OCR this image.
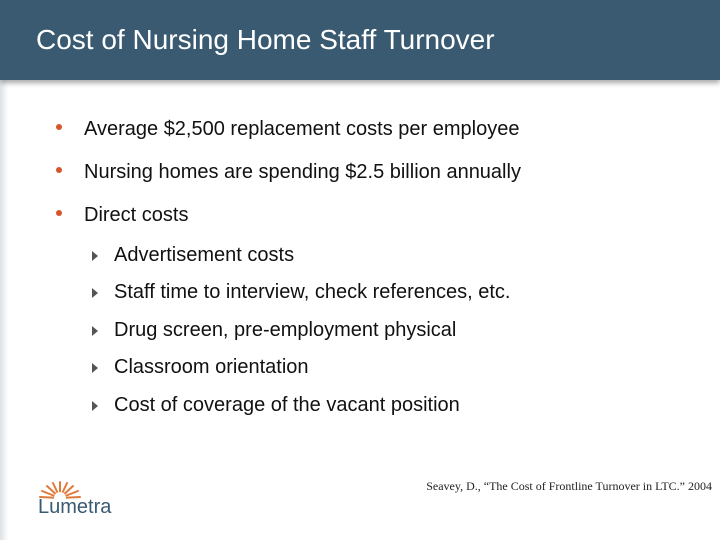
Cost of Nursing Home Staff Turnover
Average $2,500 replacement costs per employee
Nursing homes are spending $2.5 billion annually
Direct costs
Advertisement costs
Staff time to interview, check references, etc.
Drug screen, pre-employment physical
Classroom orientation
Cost of coverage of the vacant position
Seavey, D., “The Cost of Frontline Turnover in LTC.” 2004
Lumetra
